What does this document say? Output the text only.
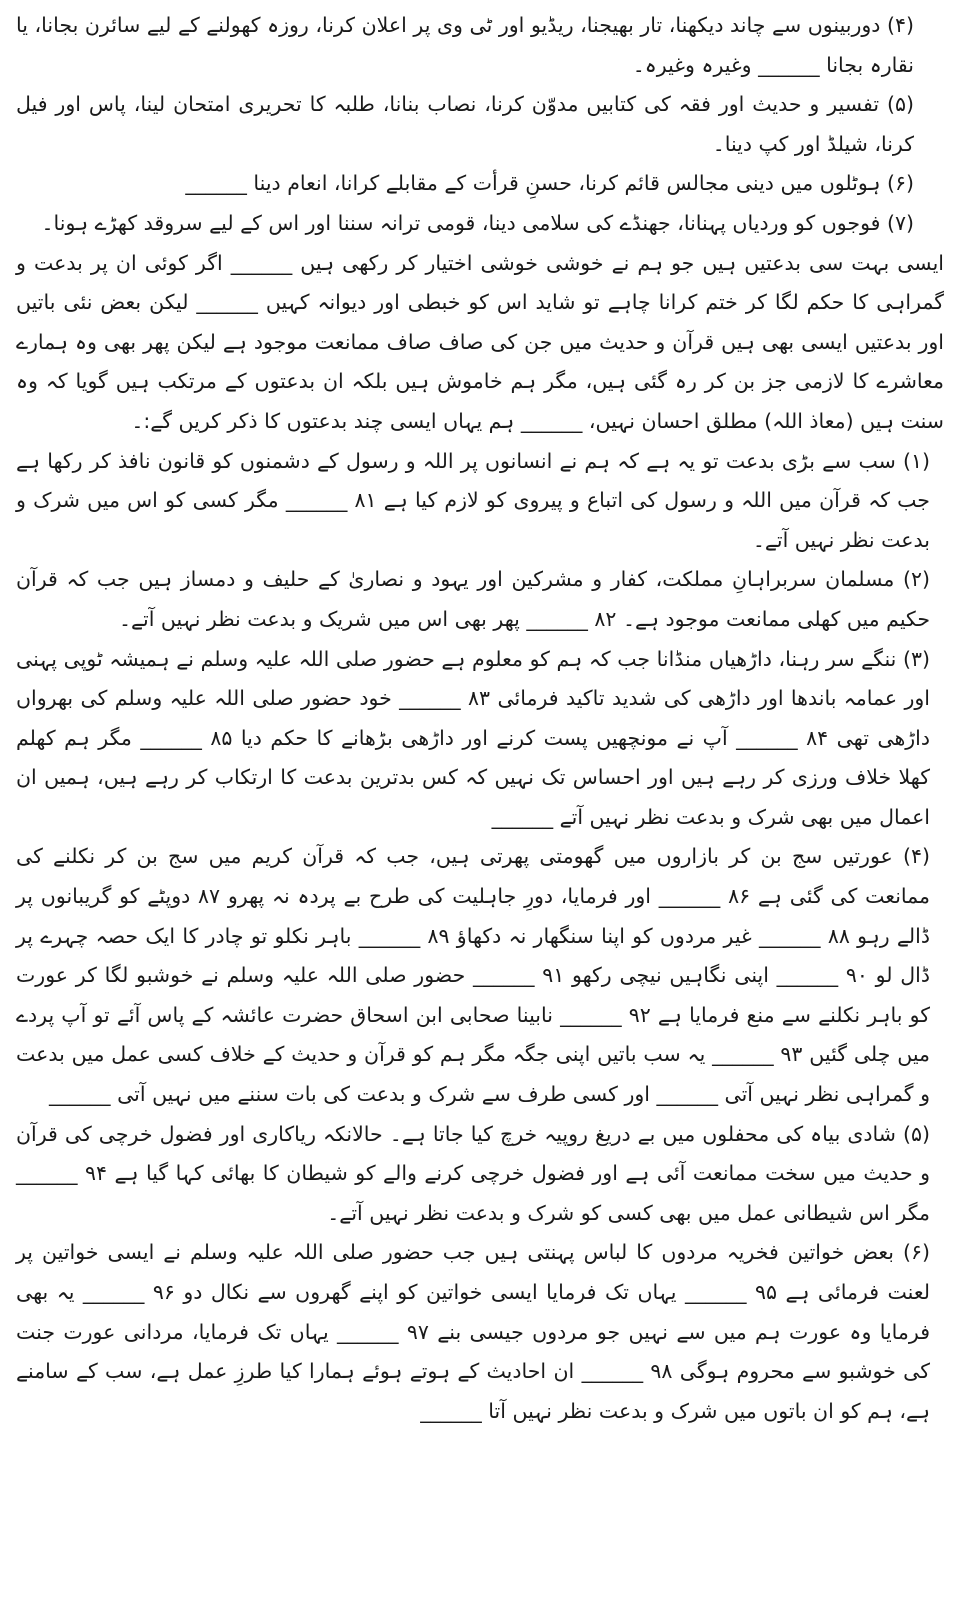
(۴) دوربینوں سے چاند دیکھنا، تار بھیجنا، ریڈیو اور ٹی وی پر اعلان کرنا، روزہ کھولنے کے لیے سائرن بجانا، یا نقارہ بجانا ______ وغیرہ وغیرہ۔

(۵) تفسیر و حدیث اور فقہ کی کتابیں مدوّن کرنا، نصاب بنانا، طلبہ کا تحریری امتحان لینا، پاس اور فیل کرنا، شیلڈ اور کپ دینا۔

(۶) ہوٹلوں میں دینی مجالس قائم کرنا، حسنِ قرأت کے مقابلے کرانا، انعام دینا ______

(۷) فوجوں کو وردیاں پہنانا، جھنڈے کی سلامی دینا، قومی ترانہ سننا اور اس کے لیے سروقد کھڑے ہونا۔

ایسی بہت سی بدعتیں ہیں جو ہم نے خوشی خوشی اختیار کر رکھی ہیں ______ اگر کوئی ان پر بدعت و گمراہی کا حکم لگا کر ختم کرانا چاہے تو شاید اس کو خبطی اور دیوانہ کہیں ______ لیکن بعض نئی باتیں اور بدعتیں ایسی بھی ہیں قرآن و حدیث میں جن کی صاف صاف ممانعت موجود ہے لیکن پھر بھی وہ ہمارے معاشرے کا لازمی جز بن کر رہ گئی ہیں، مگر ہم خاموش ہیں بلکہ ان بدعتوں کے مرتکب ہیں گویا کہ وہ سنت ہیں (معاذ اللہ) مطلق احسان نہیں، ______ ہم یہاں ایسی چند بدعتوں کا ذکر کریں گے:۔

(۱) سب سے بڑی بدعت تو یہ ہے کہ ہم نے انسانوں پر اللہ و رسول کے دشمنوں کو قانون نافذ کر رکھا ہے جب کہ قرآن میں اللہ و رسول کی اتباع و پیروی کو لازم کیا ہے ۸۱ ______ مگر کسی کو اس میں شرک و بدعت نظر نہیں آتے۔

(۲) مسلمان سربراہانِ مملکت، کفار و مشرکین اور یہود و نصاریٰ کے حلیف و دمساز ہیں جب کہ قرآن حکیم میں کھلی ممانعت موجود ہے۔ ۸۲ ______ پھر بھی اس میں شریک و بدعت نظر نہیں آتے۔

(۳) ننگے سر رہنا، داڑھیاں منڈانا جب کہ ہم کو معلوم ہے حضور صلی اللہ علیہ وسلم نے ہمیشہ ٹوپی پہنی اور عمامہ باندھا اور داڑھی کی شدید تاکید فرمائی ۸۳ ______ خود حضور صلی اللہ علیہ وسلم کی بھرواں داڑھی تھی ۸۴ ______ آپ نے مونچھیں پست کرنے اور داڑھی بڑھانے کا حکم دیا ۸۵ ______ مگر ہم کھلم کھلا خلاف ورزی کر رہے ہیں اور احساس تک نہیں کہ کس بدترین بدعت کا ارتکاب کر رہے ہیں، ہمیں ان اعمال میں بھی شرک و بدعت نظر نہیں آتے ______

(۴) عورتیں سج بن کر بازاروں میں گھومتی پھرتی ہیں، جب کہ قرآن کریم میں سج بن کر نکلنے کی ممانعت کی گئی ہے ۸۶ ______ اور فرمایا، دورِ جاہلیت کی طرح بے پردہ نہ پھرو ۸۷ دوپٹے کو گریبانوں پر ڈالے رہو ۸۸ ______ غیر مردوں کو اپنا سنگھار نہ دکھاؤ ۸۹ ______ باہر نکلو تو چادر کا ایک حصہ چہرے پر ڈال لو ۹۰ ______ اپنی نگاہیں نیچی رکھو ۹۱ ______ حضور صلی اللہ علیہ وسلم نے خوشبو لگا کر عورت کو باہر نکلنے سے منع فرمایا ہے ۹۲ ______ نابینا صحابی ابن اسحاق حضرت عائشہ کے پاس آئے تو آپ پردے میں چلی گئیں ۹۳ ______ یہ سب باتیں اپنی جگہ مگر ہم کو قرآن و حدیث کے خلاف کسی عمل میں بدعت و گمراہی نظر نہیں آتی ______ اور کسی طرف سے شرک و بدعت کی بات سننے میں نہیں آتی ______

(۵) شادی بیاہ کی محفلوں میں بے دریغ روپیہ خرچ کیا جاتا ہے۔ حالانکہ ریاکاری اور فضول خرچی کی قرآن و حدیث میں سخت ممانعت آئی ہے اور فضول خرچی کرنے والے کو شیطان کا بھائی کہا گیا ہے ۹۴ ______ مگر اس شیطانی عمل میں بھی کسی کو شرک و بدعت نظر نہیں آتے۔

(۶) بعض خواتین فخریہ مردوں کا لباس پہنتی ہیں جب حضور صلی اللہ علیہ وسلم نے ایسی خواتین پر لعنت فرمائی ہے ۹۵ ______ یہاں تک فرمایا ایسی خواتین کو اپنے گھروں سے نکال دو ۹۶ ______ یہ بھی فرمایا وہ عورت ہم میں سے نہیں جو مردوں جیسی بنے ۹۷ ______ یہاں تک فرمایا، مردانی عورت جنت کی خوشبو سے محروم ہوگی ۹۸ ______ ان احادیث کے ہوتے ہوئے ہمارا کیا طرزِ عمل ہے، سب کے سامنے ہے، ہم کو ان باتوں میں شرک و بدعت نظر نہیں آتا ______
